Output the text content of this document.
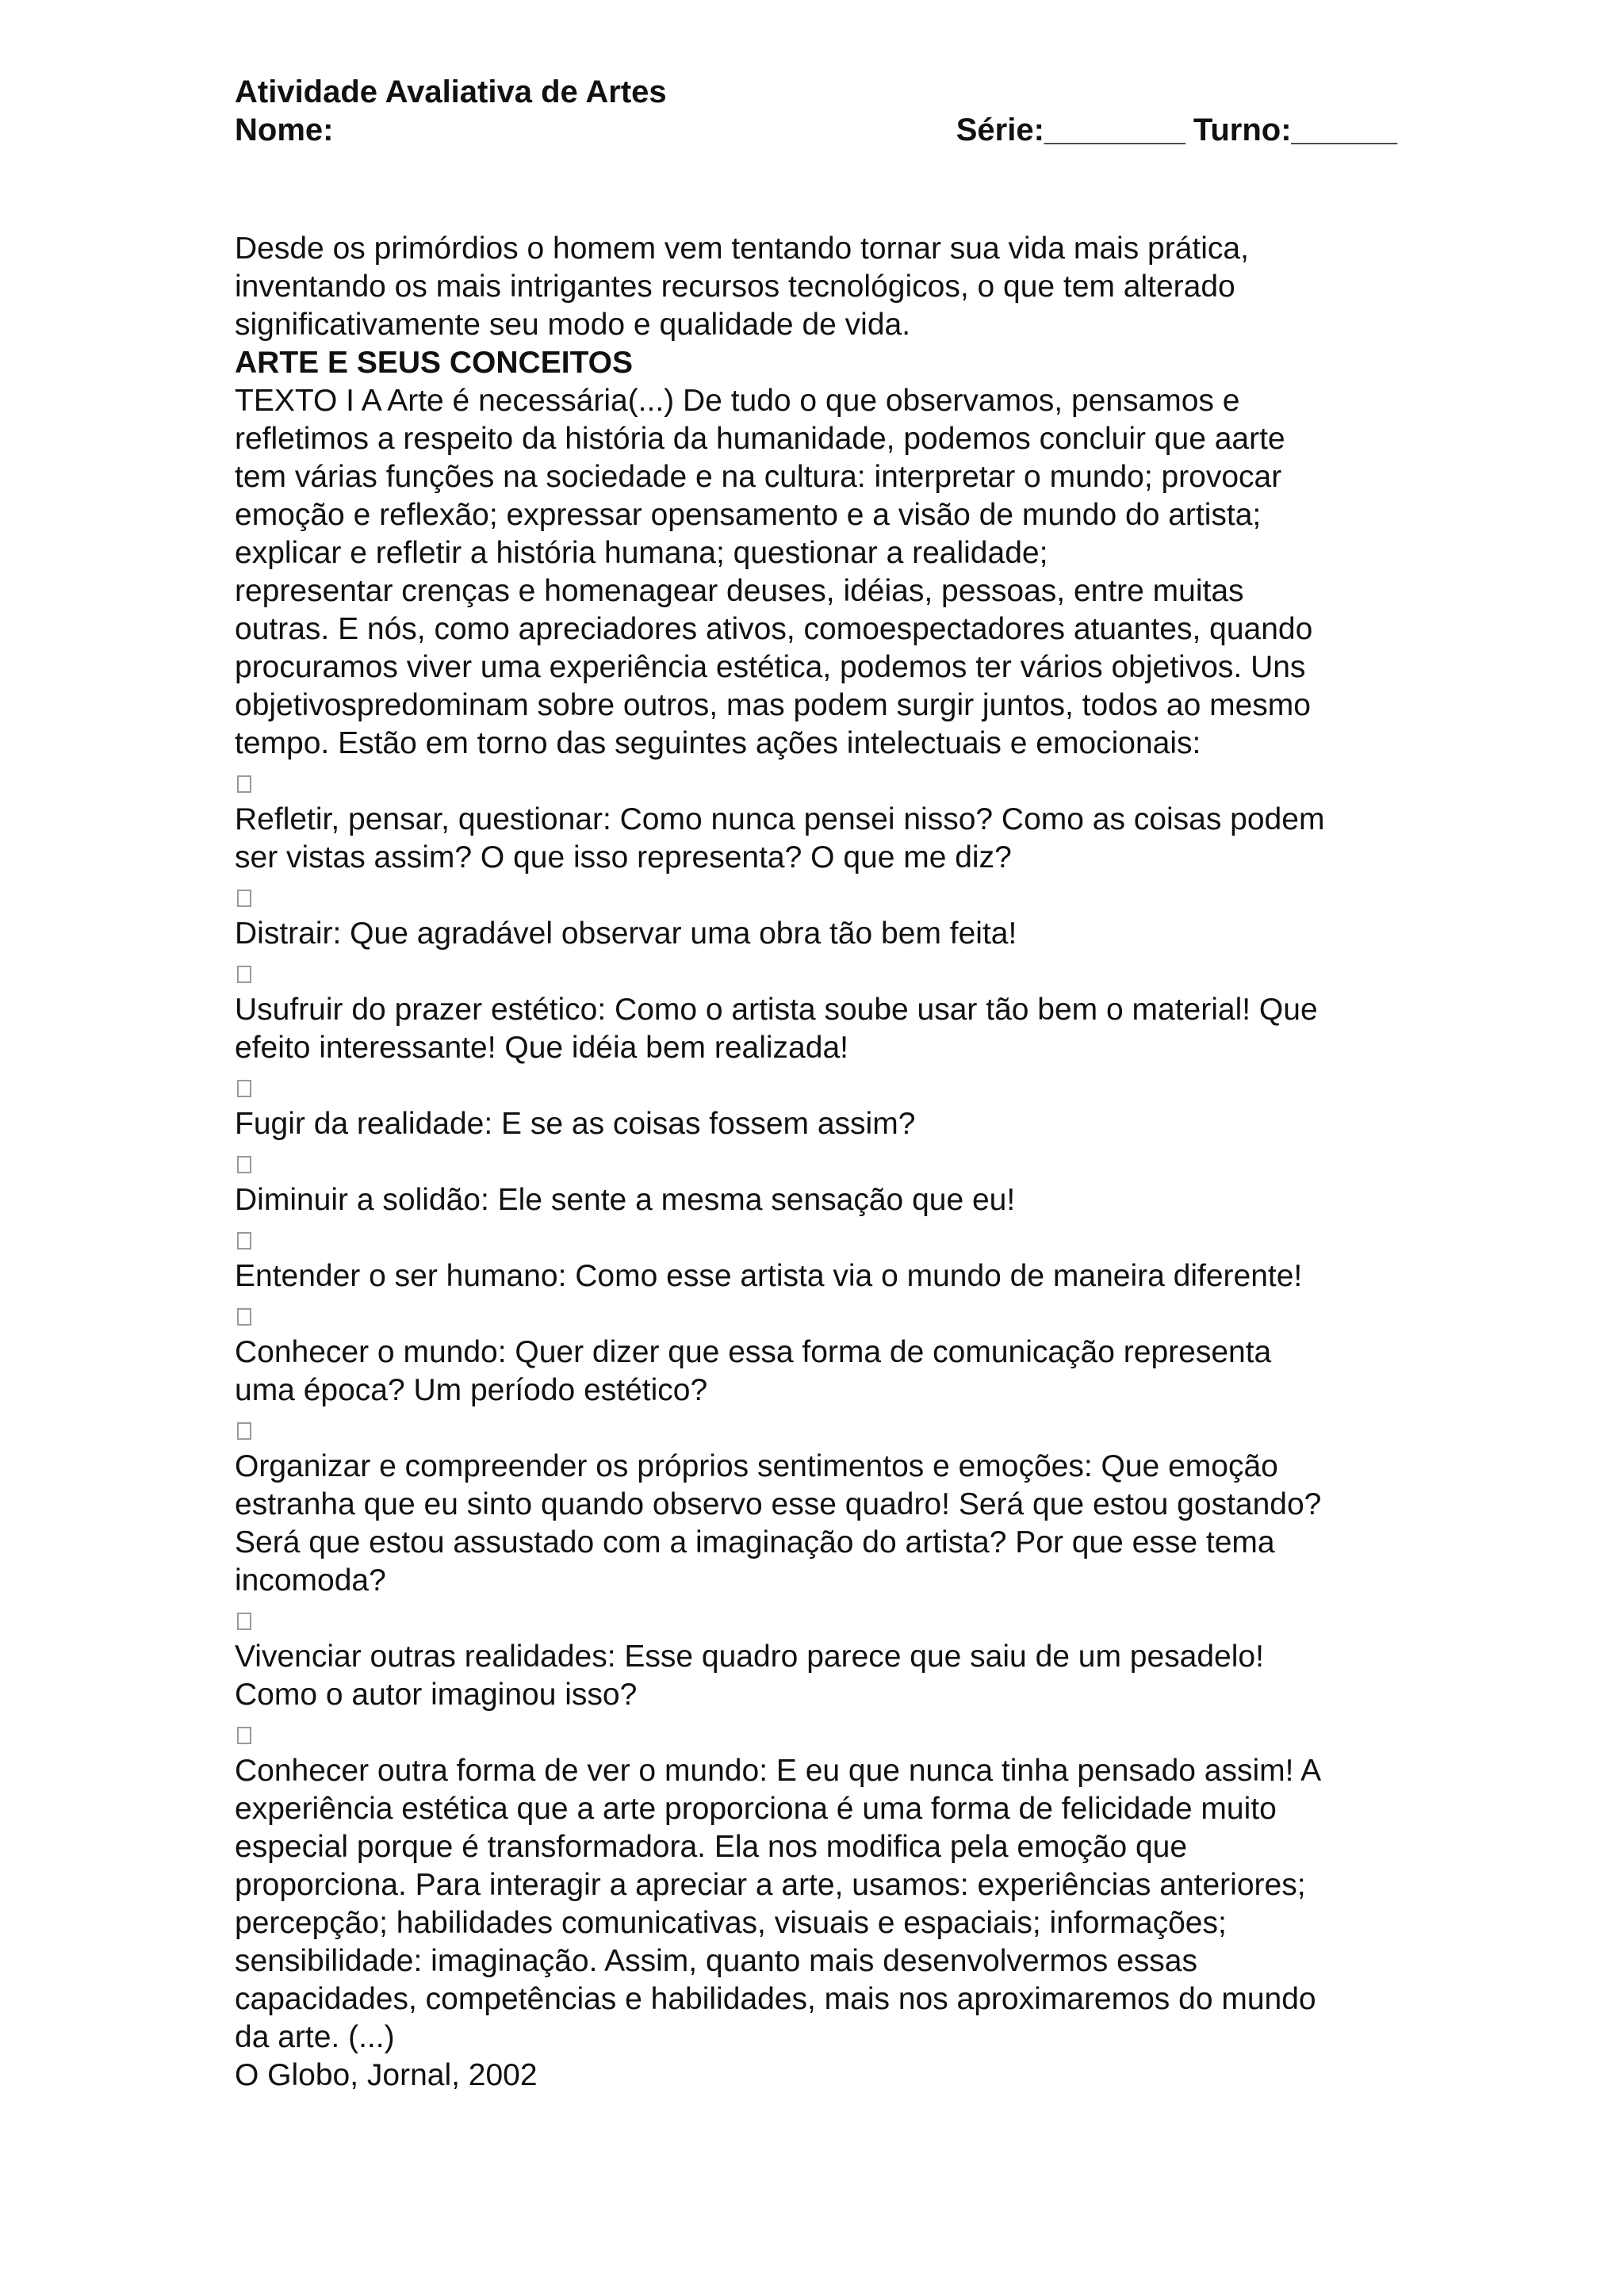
Atividade Avaliativa de Artes
Nome:	Série:________ Turno:______
Desde os primórdios o homem vem tentando tornar sua vida mais prática,
inventando os mais intrigantes recursos tecnológicos, o que tem alterado
significativamente seu modo e qualidade de vida.
ARTE E SEUS CONCEITOS
TEXTO I A Arte é necessária(...) De tudo o que observamos, pensamos e
refletimos a respeito da história da humanidade, podemos concluir que aarte
tem várias funções na sociedade e na cultura: interpretar o mundo; provocar
emoção e reflexão; expressar opensamento e a visão de mundo do artista;
explicar e refletir a história humana; questionar a realidade;
representar crenças e homenagear deuses, idéias, pessoas, entre muitas
outras. E nós, como apreciadores ativos, comoespectadores atuantes, quando
procuramos viver uma experiência estética, podemos ter vários objetivos. Uns
objetivospredominam sobre outros, mas podem surgir juntos, todos ao mesmo
tempo. Estão em torno das seguintes ações intelectuais e emocionais:
Refletir, pensar, questionar: Como nunca pensei nisso? Como as coisas podem
ser vistas assim? O que isso representa? O que me diz?
Distrair: Que agradável observar uma obra tão bem feita!
Usufruir do prazer estético: Como o artista soube usar tão bem o material! Que
efeito interessante! Que idéia bem realizada!
Fugir da realidade: E se as coisas fossem assim?
Diminuir a solidão: Ele sente a mesma sensação que eu!
Entender o ser humano: Como esse artista via o mundo de maneira diferente!
Conhecer o mundo: Quer dizer que essa forma de comunicação representa
uma época? Um período estético?
Organizar e compreender os próprios sentimentos e emoções: Que emoção
estranha que eu sinto quando observo esse quadro! Será que estou gostando?
Será que estou assustado com a imaginação do artista? Por que esse tema
incomoda?
Vivenciar outras realidades: Esse quadro parece que saiu de um pesadelo!
Como o autor imaginou isso?
Conhecer outra forma de ver o mundo: E eu que nunca tinha pensado assim! A
experiência estética que a arte proporciona é uma forma de felicidade muito
especial porque é transformadora. Ela nos modifica pela emoção que
proporciona. Para interagir a apreciar a arte, usamos: experiências anteriores;
percepção; habilidades comunicativas, visuais e espaciais; informações;
sensibilidade: imaginação. Assim, quanto mais desenvolvermos essas
capacidades, competências e habilidades, mais nos aproximaremos do mundo
da arte. (...)
O Globo, Jornal, 2002
